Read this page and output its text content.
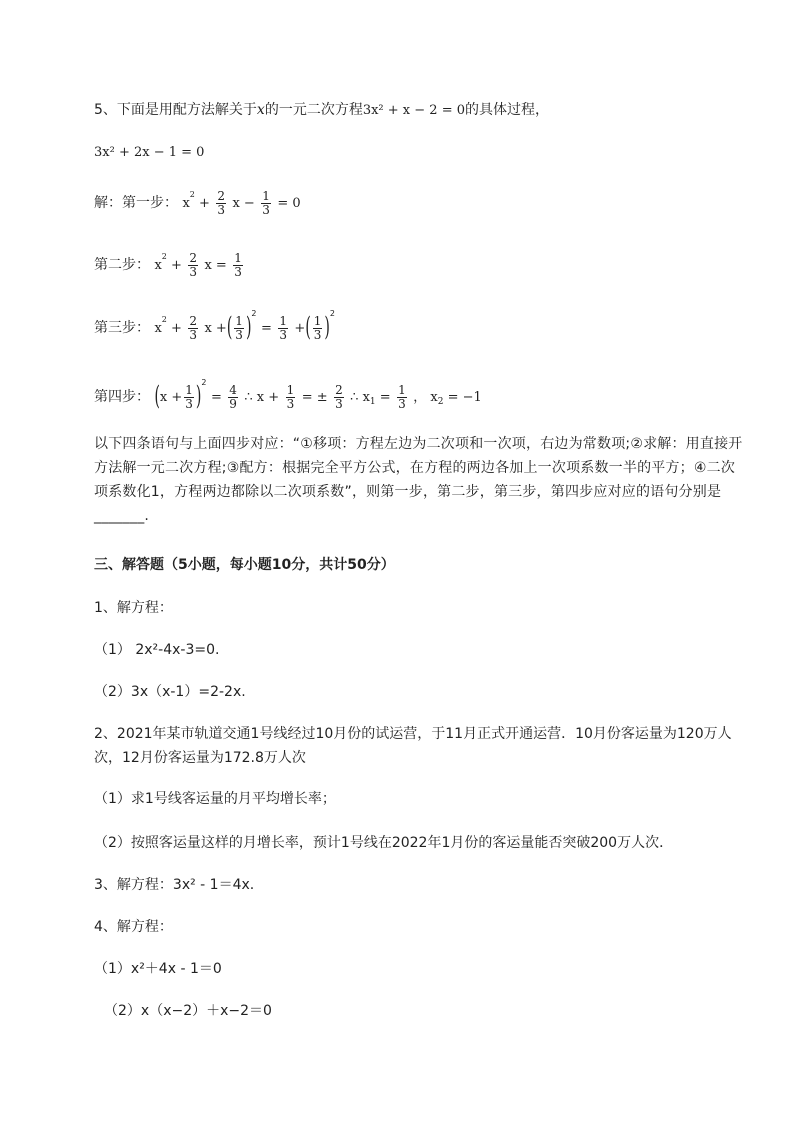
5、下面是用配方法解关于x的一元二次方程3x² + x − 2 = 0的具体过程，
3x² + 2x − 1 = 0
解：第一步： $x^2 + \frac{2}{3}$ $x - \frac{1}{3} = 0$
第二步： $x^2 + \frac{2}{3}$ $x = \frac{1}{3}$
第三步： $x^2 + \frac{2}{3}$ x +( $\frac{1}{3} )^2 = \frac{1}{3}$ +( $\frac{1}{3} )^2$
第四步： $(x + \frac{1}{3} )^2 = \frac{4}{9}$ ∴ $x + \frac{1}{3}$ = ± $\frac{2}{3}$ ∴ $x_1 = \frac{1}{3}$ ， $x_2 = -1$
以下四条语句与上面四步对应：“①移项：方程左边为二次项和一次项，右边为常数项;②求解：用直接开方法解一元二次方程;③配方：根据完全平方公式，在方程的两边各加上一次项系数一半的平方；④二次项系数化1，方程两边都除以二次项系数”，则第一步，第二步，第三步，第四步应对应的语句分别是_______.
三、解答题（5小题，每小题10分，共计50分）
1、解方程：
（1） 2x²-4x-3=0.
（2）3x（x-1）=2-2x.
2、2021年某市轨道交通1号线经过10月份的试运营，于11月正式开通运营．10月份客运量为120万人次，12月份客运量为172.8万人次
（1）求1号线客运量的月平均增长率；
（2）按照客运量这样的月增长率，预计1号线在2022年1月份的客运量能否突破200万人次．
3、解方程：3x² - 1＝4x.
4、解方程：
（1）x²＋4x - 1＝0
（2）x（x−2）＋x−2＝0
